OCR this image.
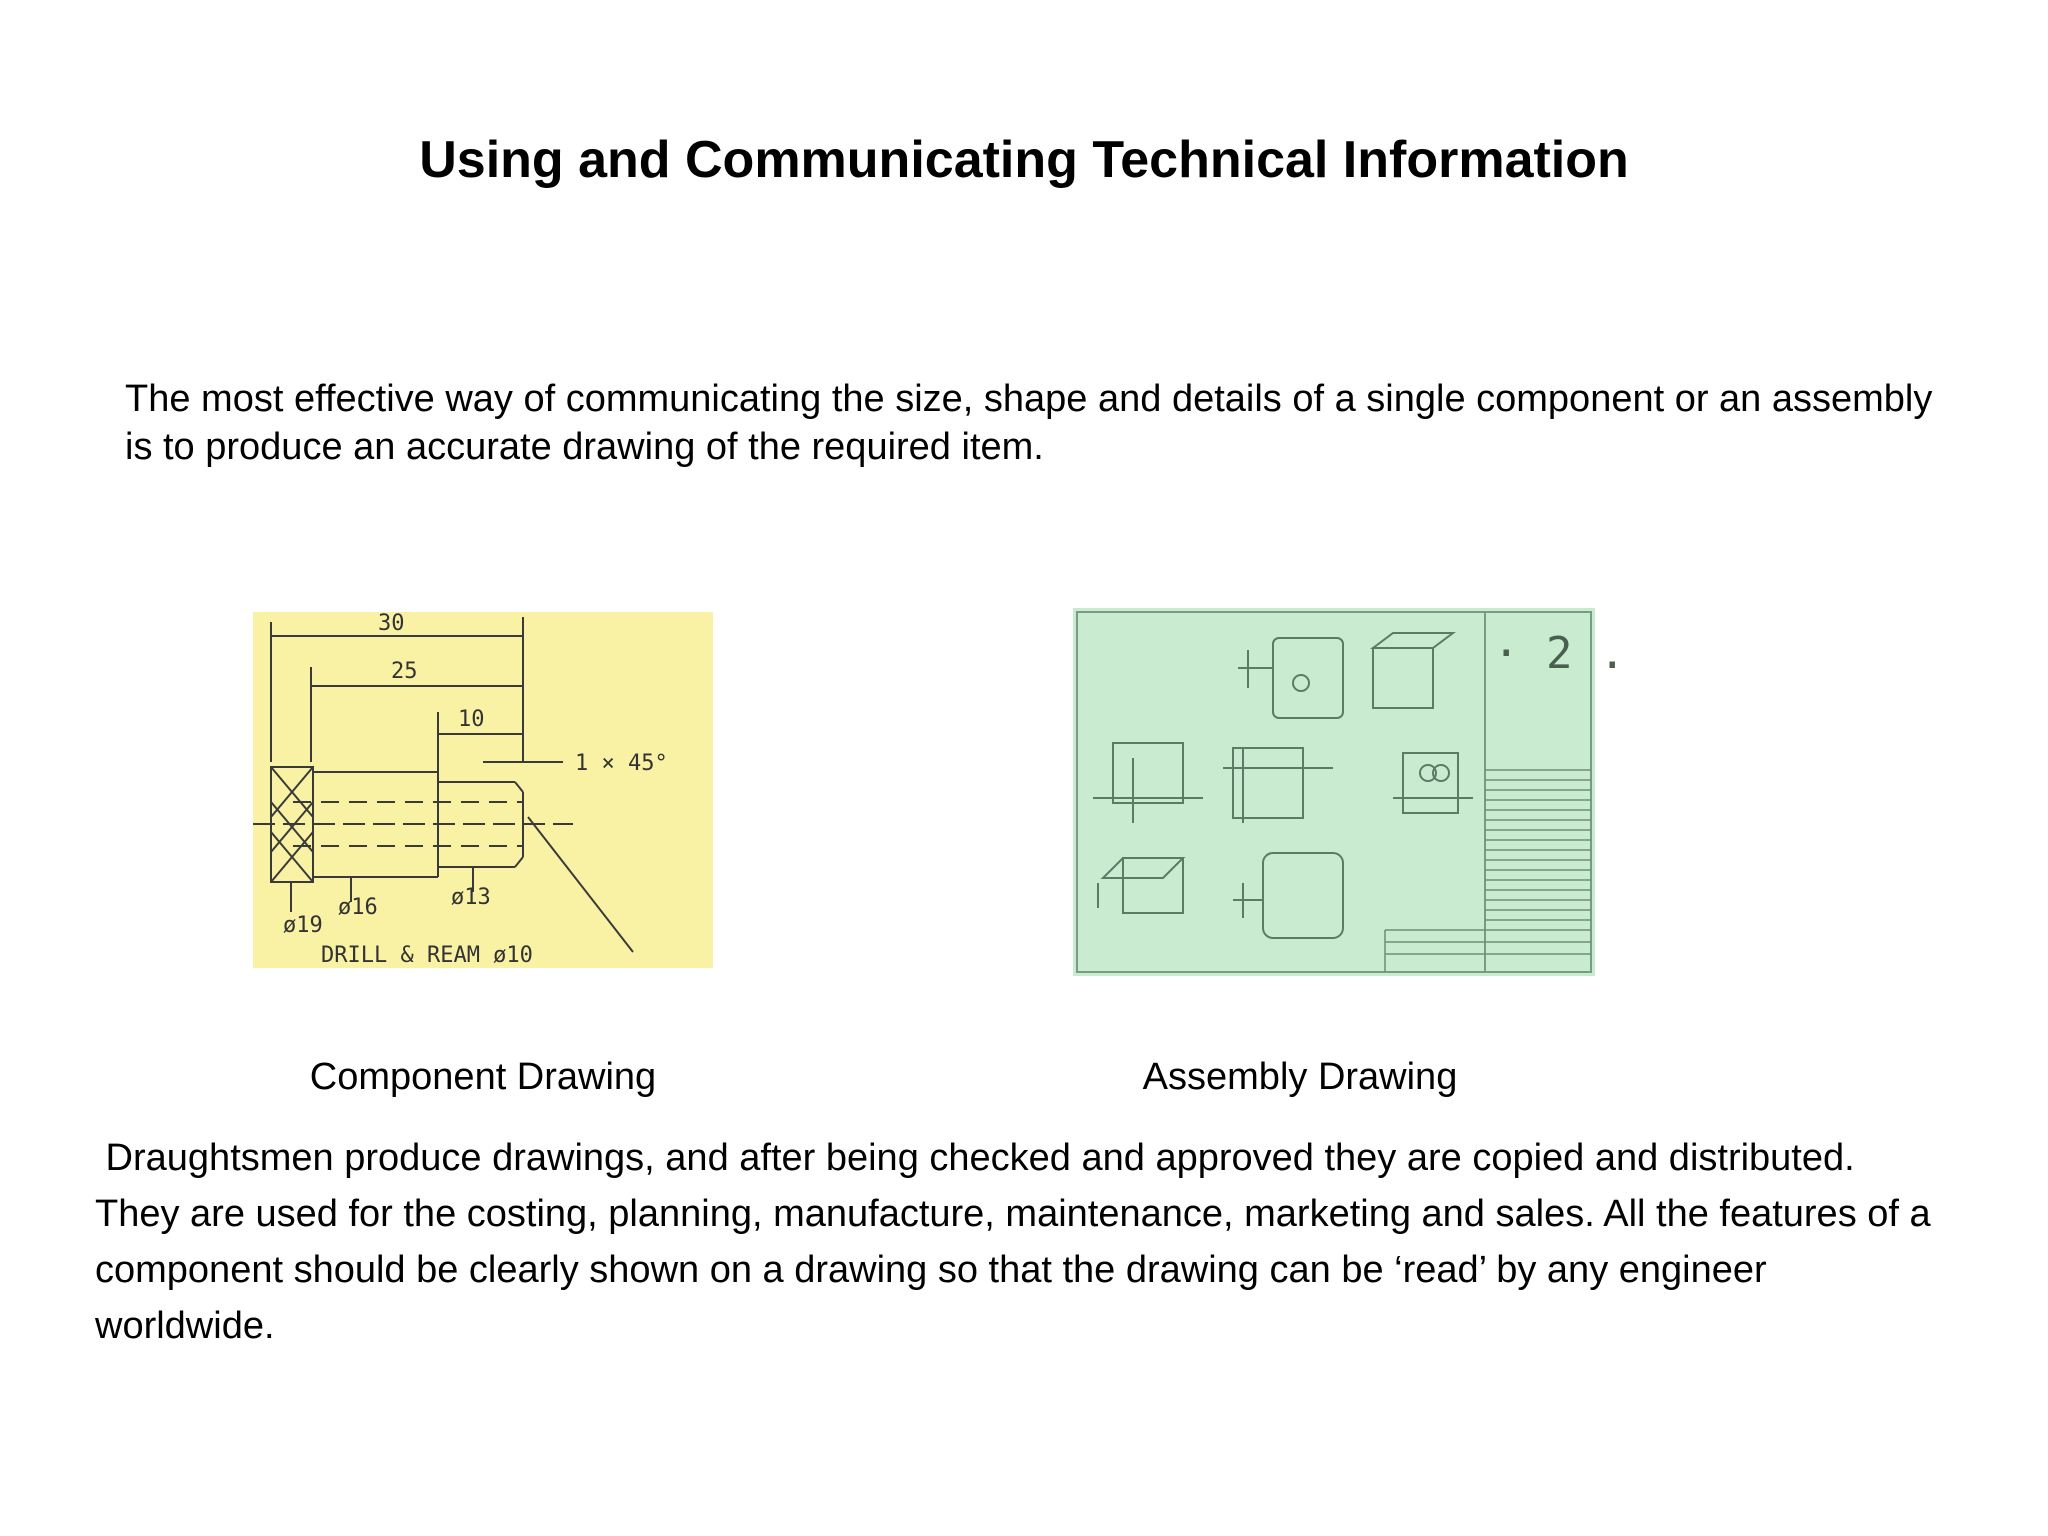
Using and Communicating Technical Information
The most effective way of communicating the size, shape and details of a single component or an assembly is to produce an accurate drawing of the required item.
30
25
10
1 × 45°
ø16	ø13
ø19
DRILL & REAM ø10
· 2 .
Component Drawing	Assembly Drawing
Draughtsmen produce drawings, and after being checked and approved they are copied and distributed. They are used for the costing, planning, manufacture, maintenance, marketing and sales. All the features of a component should be clearly shown on a drawing so that the drawing can be ‘read’ by any engineer worldwide.
